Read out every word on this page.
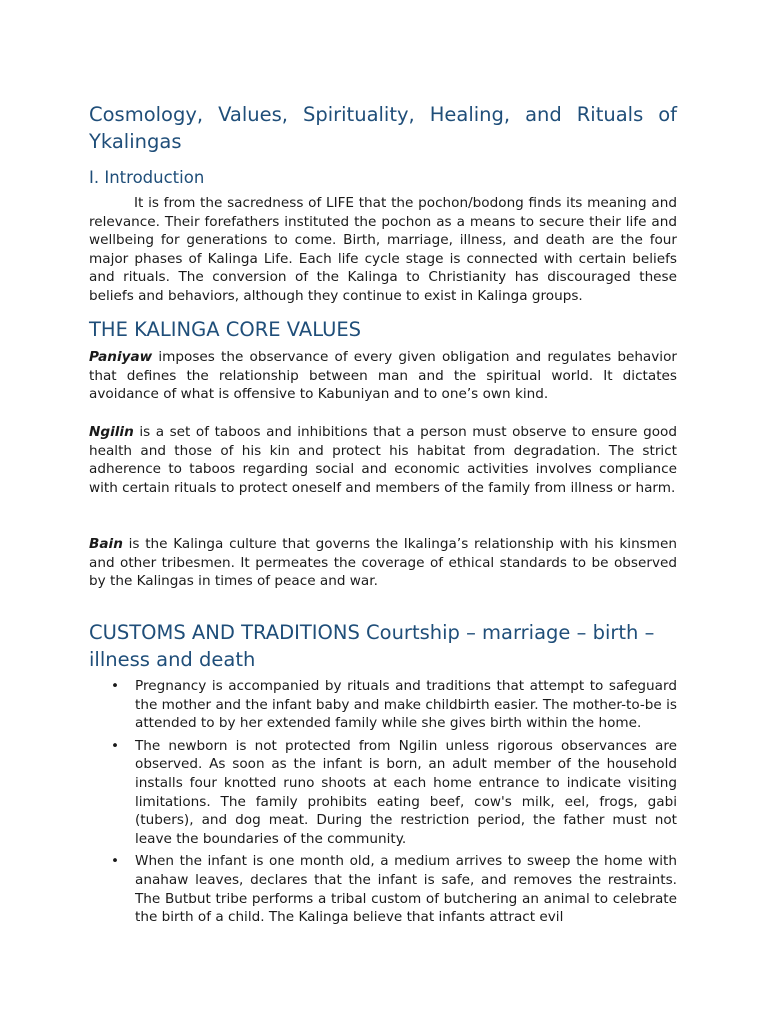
Cosmology, Values, Spirituality, Healing, and Rituals of Ykalingas
I. Introduction

It is from the sacredness of LIFE that the pochon/bodong finds its meaning and relevance. Their forefathers instituted the pochon as a means to secure their life and wellbeing for generations to come. Birth, marriage, illness, and death are the four major phases of Kalinga Life. Each life cycle stage is connected with certain beliefs and rituals. The conversion of the Kalinga to Christianity has discouraged these beliefs and behaviors, although they continue to exist in Kalinga groups.

THE KALINGA CORE VALUES

Paniyaw imposes the observance of every given obligation and regulates behavior that defines the relationship between man and the spiritual world. It dictates avoidance of what is offensive to Kabuniyan and to one’s own kind.

Ngilin is a set of taboos and inhibitions that a person must observe to ensure good health and those of his kin and protect his habitat from degradation. The strict adherence to taboos regarding social and economic activities involves compliance with certain rituals to protect oneself and members of the family from illness or harm.

Bain is the Kalinga culture that governs the Ikalinga’s relationship with his kinsmen and other tribesmen. It permeates the coverage of ethical standards to be observed by the Kalingas in times of peace and war.

CUSTOMS AND TRADITIONS Courtship – marriage – birth – illness and death
• Pregnancy is accompanied by rituals and traditions that attempt to safeguard the mother and the infant baby and make childbirth easier. The mother-to-be is attended to by her extended family while she gives birth within the home.
• The newborn is not protected from Ngilin unless rigorous observances are observed. As soon as the infant is born, an adult member of the household installs four knotted runo shoots at each home entrance to indicate visiting limitations. The family prohibits eating beef, cow's milk, eel, frogs, gabi (tubers), and dog meat. During the restriction period, the father must not leave the boundaries of the community.
• When the infant is one month old, a medium arrives to sweep the home with anahaw leaves, declares that the infant is safe, and removes the restraints. The Butbut tribe performs a tribal custom of butchering an animal to celebrate the birth of a child. The Kalinga believe that infants attract evil
